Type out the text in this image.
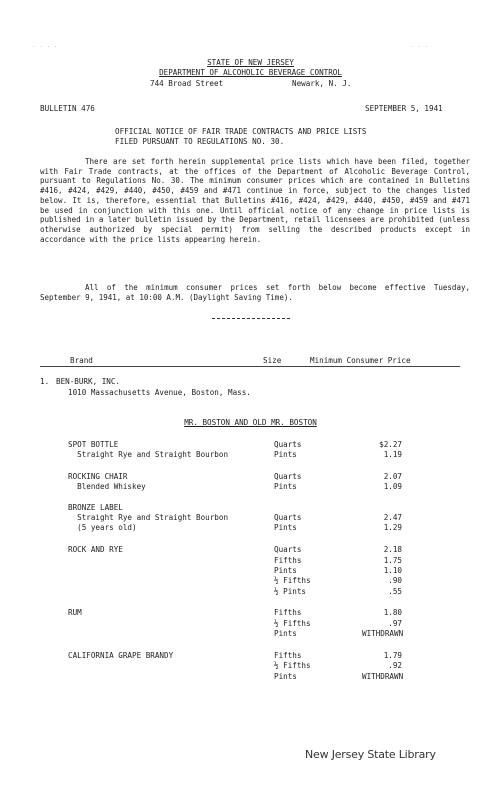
STATE OF NEW JERSEY
DEPARTMENT OF ALCOHOLIC BEVERAGE CONTROL
744 Broad Street	Newark, N. J.
BULLETIN 476	SEPTEMBER 5, 1941
OFFICIAL NOTICE OF FAIR TRADE CONTRACTS AND PRICE LISTS
FILED PURSUANT TO REGULATIONS NO. 30.
There are set forth herein supplemental price lists which have been filed, together with Fair Trade contracts, at the offices of the Department of Alcoholic Beverage Control, pursuant to Regulations No. 30. The minimum consumer prices which are contained in Bulletins #416, #424, #429, #440, #450, #459 and #471 continue in force, subject to the changes listed below. It is, therefore, essential that Bulletins #416, #424, #429, #440, #450, #459 and #471 be used in conjunction with this one. Until official notice of any change in price lists is published in a later bulletin issued by the Department, retail licensees are prohibited (unless otherwise authorized by special permit) from selling the described products except in accordance with the price lists appearing herein.
All of the minimum consumer prices set forth below become effective Tuesday, September 9, 1941, at 10:00 A.M. (Daylight Saving Time).
Brand	Size	Minimum Consumer Price
1. BEN-BURK, INC.
1010 Massachusetts Avenue, Boston, Mass.
MR. BOSTON AND OLD MR. BOSTON
SPOT BOTTLE	Quarts	$2.27
Straight Rye and Straight Bourbon	Pints	1.19
ROCKING CHAIR	Quarts	2.07
Blended Whiskey	Pints	1.09
BRONZE LABEL
Straight Rye and Straight Bourbon	Quarts	2.47
(5 years old)	Pints	1.29
ROCK AND RYE	Quarts	2.18
Fifths	1.75
Pints	1.10
½ Fifths	.90
½ Pints	.55
RUM	Fifths	1.80
½ Fifths	.97
Pints	WITHDRAWN
CALIFORNIA GRAPE BRANDY	Fifths	1.79
½ Fifths	.92
Pints	WITHDRAWN
. . . .	. . .
New Jersey State Library
